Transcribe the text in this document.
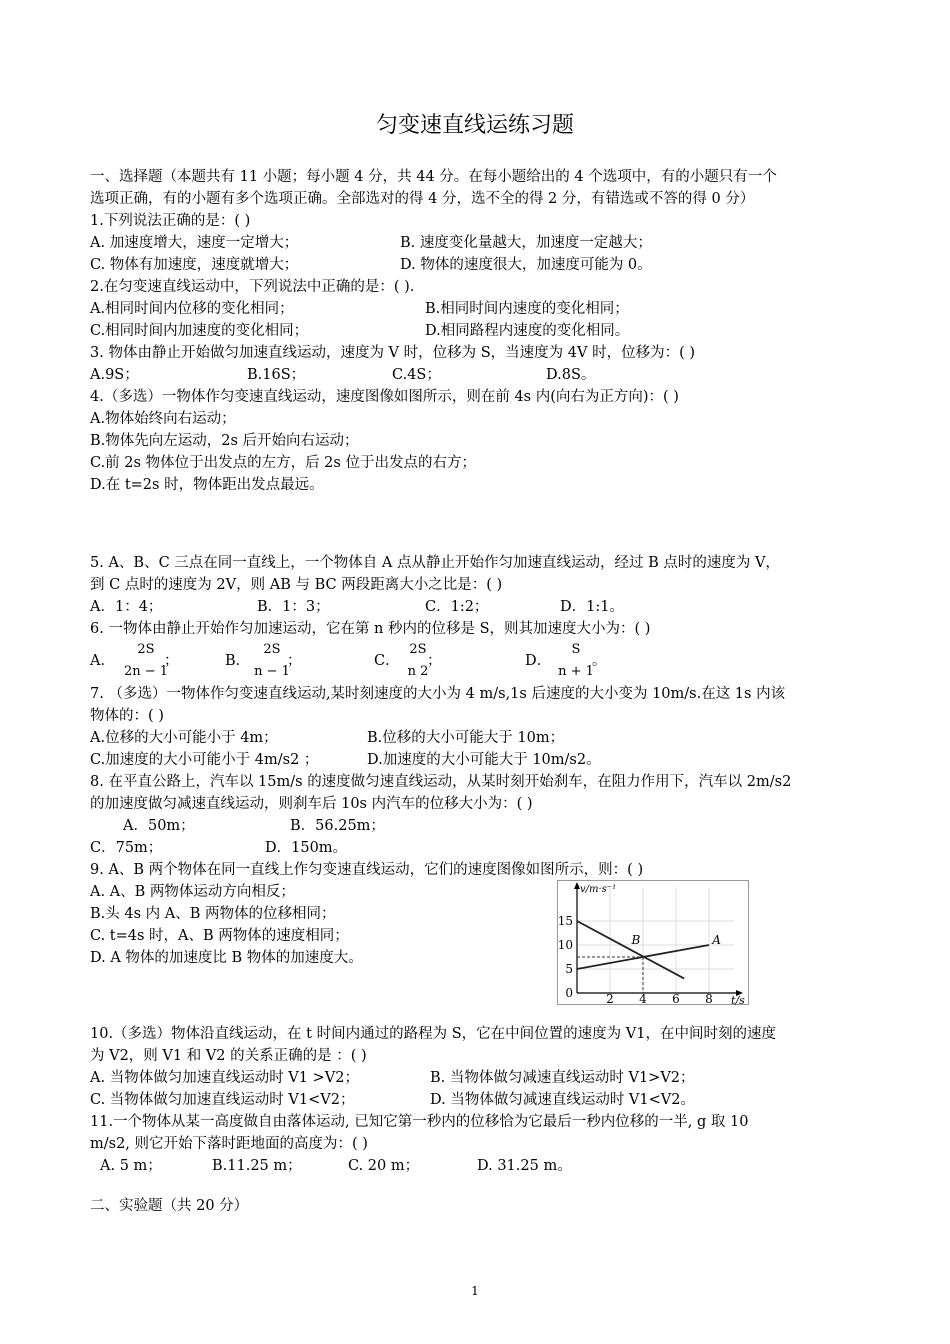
匀变速直线运练习题
一、选择题（本题共有 11 小题；每小题 4 分，共 44 分。在每小题给出的 4 个选项中，有的小题只有一个
选项正确，有的小题有多个选项正确。全部选对的得 4 分，选不全的得 2 分，有错选或不答的得 0 分）
1.下列说法正确的是：( )
A. 加速度增大，速度一定增大；	B. 速度变化量越大，加速度一定越大；
C. 物体有加速度，速度就增大；	D. 物体的速度很大，加速度可能为 0。
2.在匀变速直线运动中，下列说法中正确的是：( ).
A.相同时间内位移的变化相同；	B.相同时间内速度的变化相同；
C.相同时间内加速度的变化相同；	D.相同路程内速度的变化相同。
3. 物体由静止开始做匀加速直线运动，速度为 V 时，位移为 S，当速度为 4V 时，位移为：( )
A.9S；	B.16S；	C.4S；	D.8S。
4.（多选）一物体作匀变速直线运动，速度图像如图所示，则在前 4s 内(向右为正方向)：( )
A.物体始终向右运动；
B.物体先向左运动，2s 后开始向右运动；
C.前 2s 物体位于出发点的左方，后 2s 位于出发点的右方；
D.在 t=2s 时，物体距出发点最远。
5. A、B、C 三点在同一直线上，一个物体自 A 点从静止开始作匀加速直线运动，经过 B 点时的速度为 V，
到 C 点时的速度为 2V，则 AB 与 BC 两段距离大小之比是：( )
A．1：4；	B．1：3；	C．1:2；	D．1:1。
6. 一物体由静止开始作匀加速运动，它在第 n 秒内的位移是 S，则其加速度大小为：( )
A．
2S
2n − 1
；	B．
2S
n − 1
；	C．
2S
n 2
；	D．
S
n + 1
。
7. （多选）一物体作匀变速直线运动,某时刻速度的大小为 4 m/s,1s 后速度的大小变为 10m/s.在这 1s 内该
物体的：( )
A.位移的大小可能小于 4m；	B.位移的大小可能大于 10m；
C.加速度的大小可能小于 4m/s2 ；	D.加速度的大小可能大于 10m/s2。
8. 在平直公路上，汽车以 15m/s 的速度做匀速直线运动，从某时刻开始刹车，在阻力作用下，汽车以 2m/s2
的加速度做匀减速直线运动，则刹车后 10s 内汽车的位移大小为：( )
A．50m；	B．56.25m；
C．75m；	D．150m。
9. A、B 两个物体在同一直线上作匀变速直线运动，它们的速度图像如图所示，则：( )
A. A、B 两物体运动方向相反；
B.头 4s 内 A、B 两物体的位移相同；
C. t=4s 时，A、B 两物体的速度相同；
D. A 物体的加速度比 B 物体的加速度大。
v/m·s⁻¹
t/s
15
10
5
0	2 4 6 8
B	A
10.（多选）物体沿直线运动，在 t 时间内通过的路程为 S，它在中间位置的速度为 V1，在中间时刻的速度
为 V2，则 V1 和 V2 的关系正确的是 ：( )
A. 当物体做匀加速直线运动时 V1 >V2；	B. 当物体做匀减速直线运动时 V1>V2；
C. 当物体做匀加速直线运动时 V1<V2；	D. 当物体做匀减速直线运动时 V1<V2。
11.一个物体从某一高度做自由落体运动, 已知它第一秒内的位移恰为它最后一秒内位移的一半, g 取 10
m/s2, 则它开始下落时距地面的高度为：( )
A. 5 m；	B.11.25 m；	C. 20 m；	D. 31.25 m。
二、实验题（共 20 分）
1
